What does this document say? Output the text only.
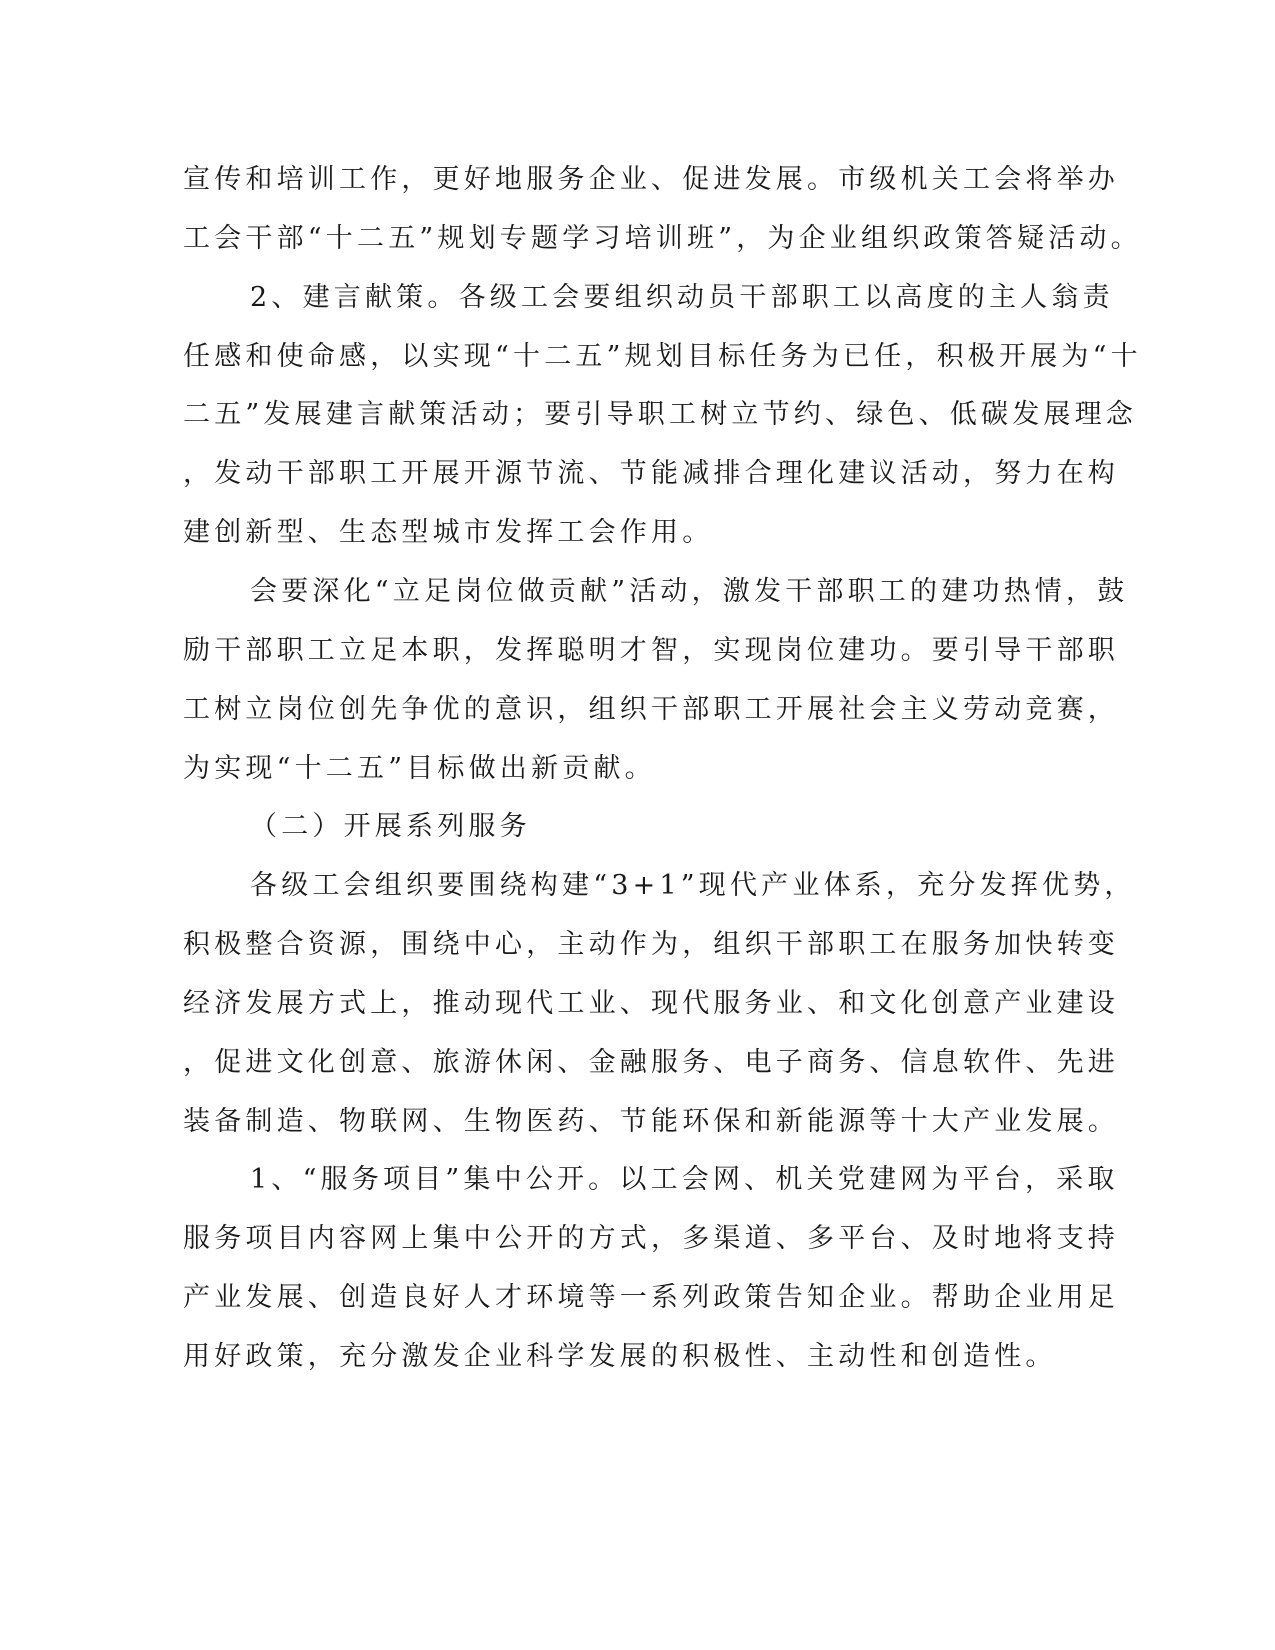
宣传和培训工作，更好地服务企业、促进发展。市级机关工会将举办
工会干部“十二五”规划专题学习培训班”，为企业组织政策答疑活动。
2、建言献策。各级工会要组织动员干部职工以高度的主人翁责
任感和使命感，以实现“十二五”规划目标任务为已任，积极开展为“十
二五”发展建言献策活动；要引导职工树立节约、绿色、低碳发展理念
，发动干部职工开展开源节流、节能减排合理化建议活动，努力在构
建创新型、生态型城市发挥工会作用。
会要深化“立足岗位做贡献”活动，激发干部职工的建功热情，鼓
励干部职工立足本职，发挥聪明才智，实现岗位建功。要引导干部职
工树立岗位创先争优的意识，组织干部职工开展社会主义劳动竞赛，
为实现“十二五”目标做出新贡献。
（二）开展系列服务
各级工会组织要围绕构建“3+1”现代产业体系，充分发挥优势，
积极整合资源，围绕中心，主动作为，组织干部职工在服务加快转变
经济发展方式上，推动现代工业、现代服务业、和文化创意产业建设
，促进文化创意、旅游休闲、金融服务、电子商务、信息软件、先进
装备制造、物联网、生物医药、节能环保和新能源等十大产业发展。
1、“服务项目”集中公开。以工会网、机关党建网为平台，采取
服务项目内容网上集中公开的方式，多渠道、多平台、及时地将支持
产业发展、创造良好人才环境等一系列政策告知企业。帮助企业用足
用好政策，充分激发企业科学发展的积极性、主动性和创造性。
